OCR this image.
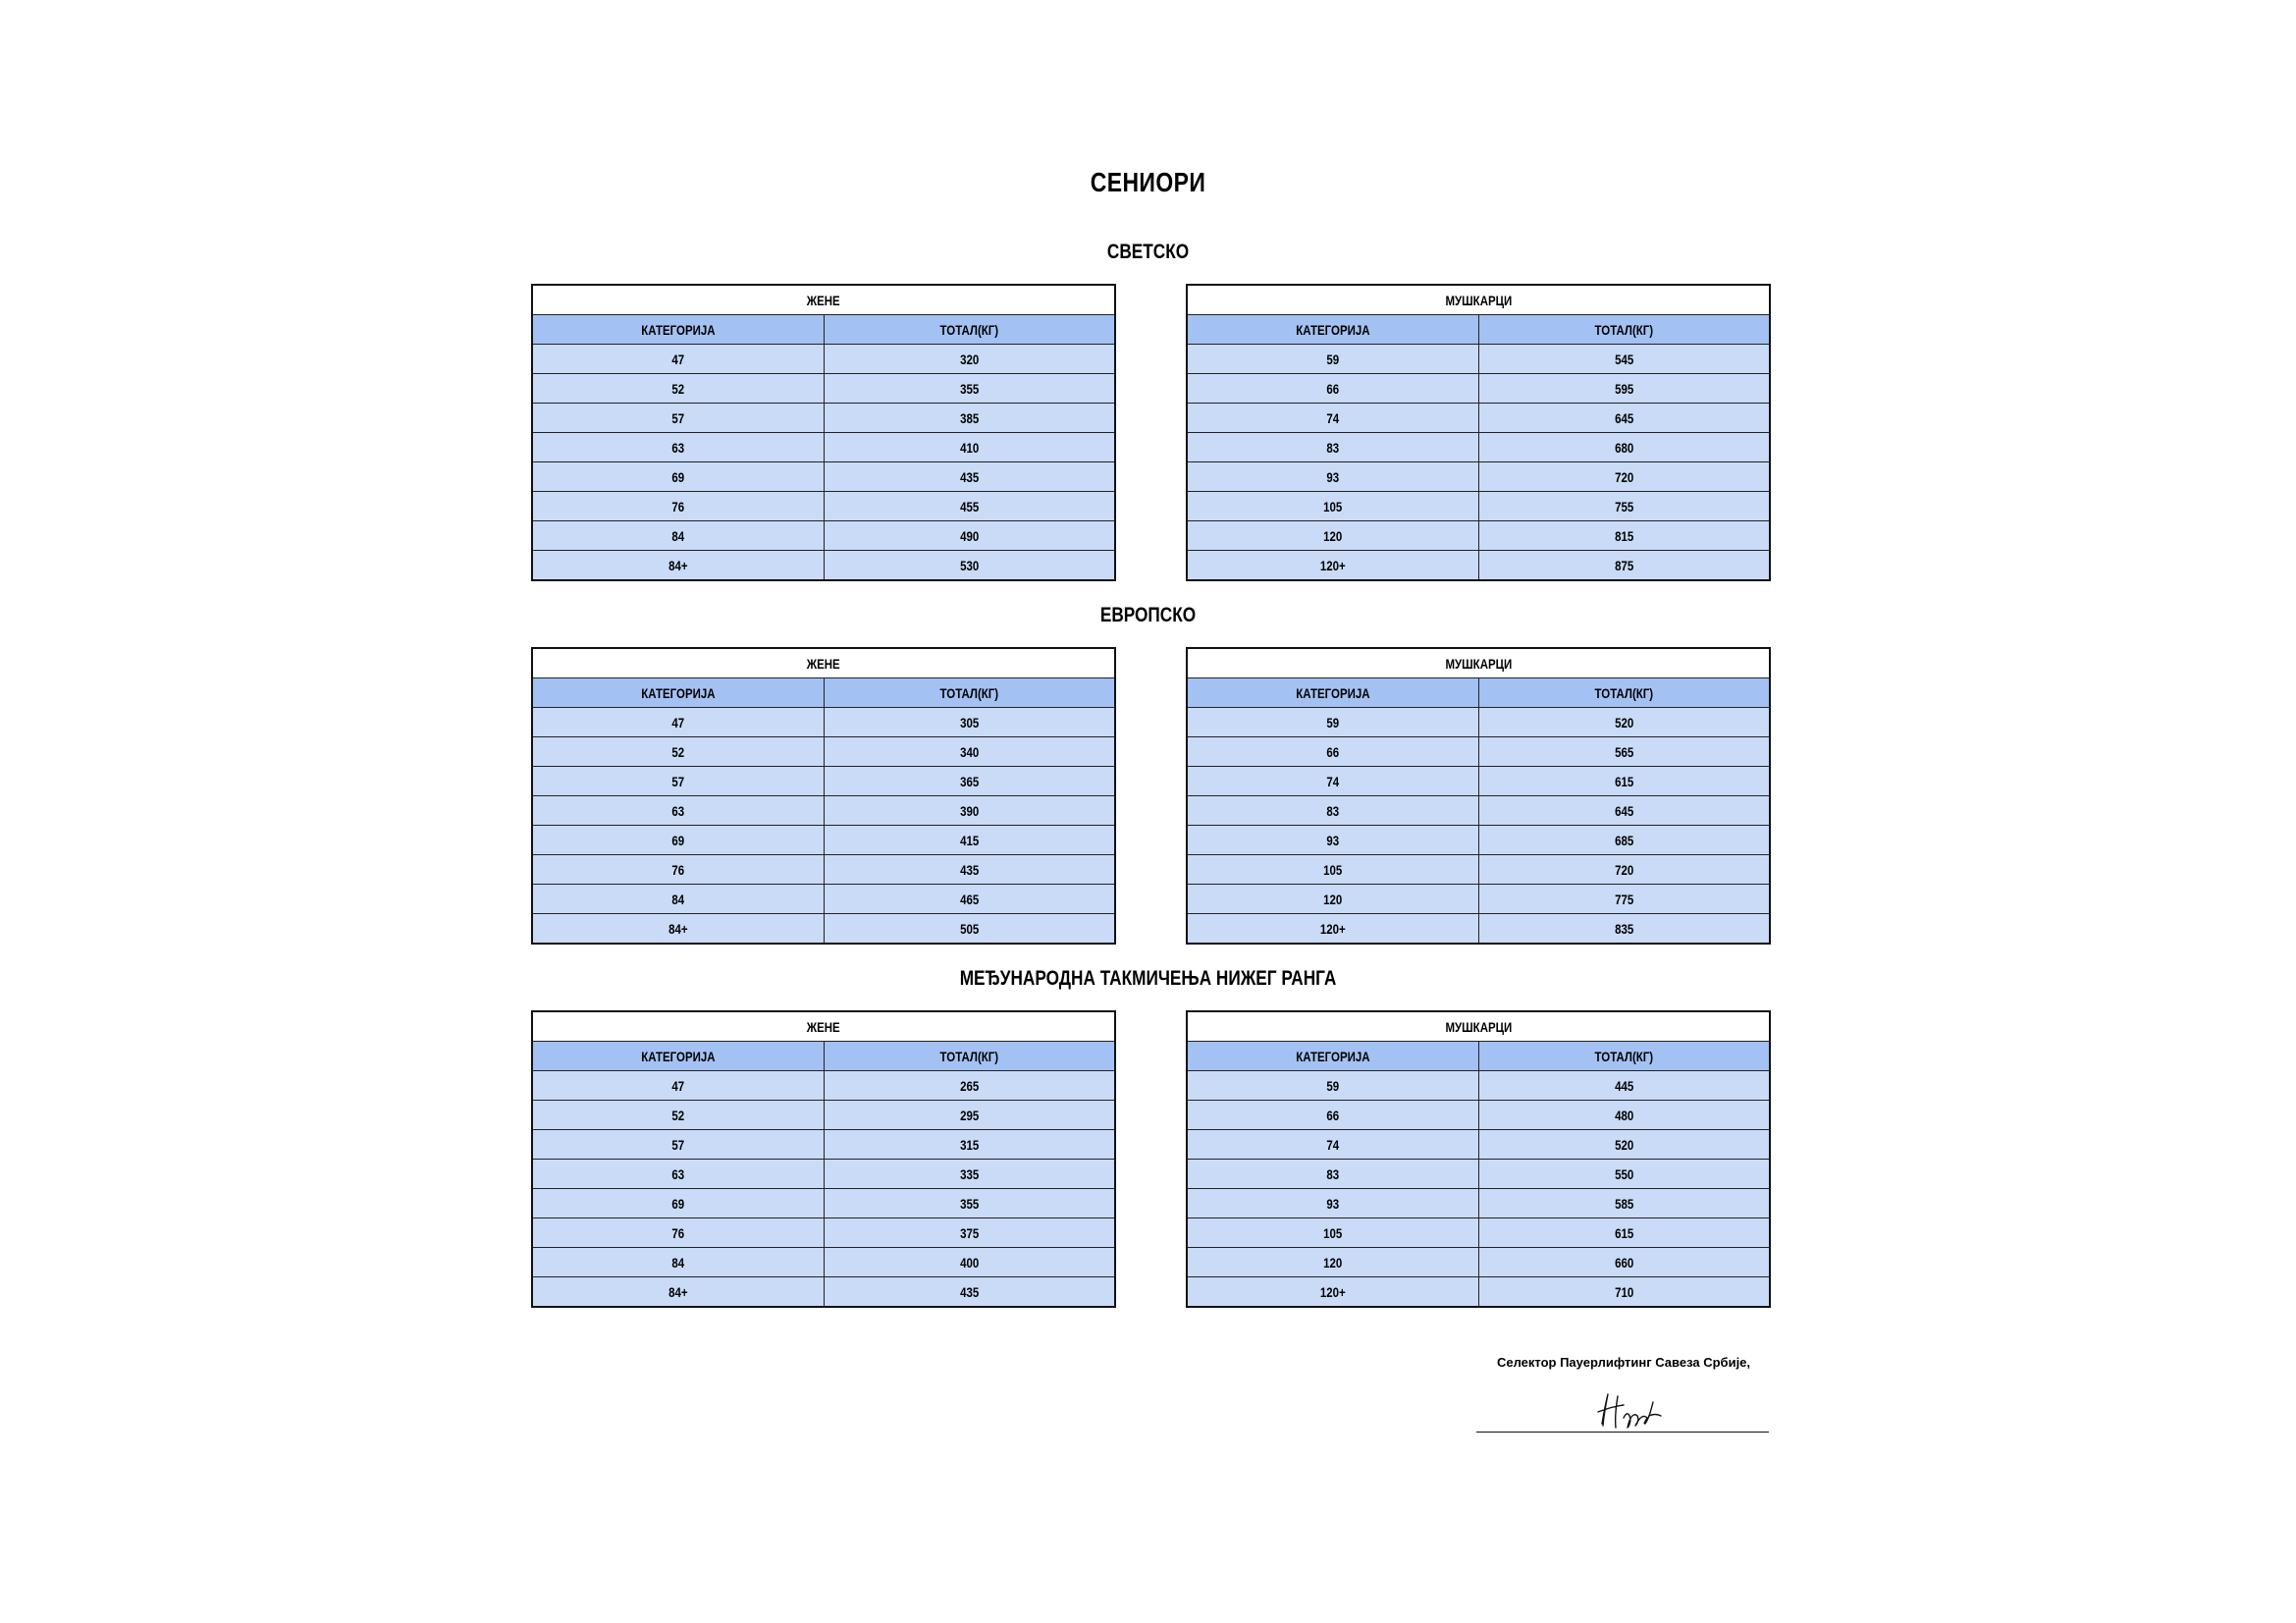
СЕНИОРИ
СВЕТСКО
ЖЕНЕ	
КАТЕГОРИЈА	ТОТАЛ(КГ)
47	320
52	355
57	385
63	410
69	435
76	455
84	490
84+	530
МУШКАРЦИ	
КАТЕГОРИЈА	ТОТАЛ(КГ)
59	545
66	595
74	645
83	680
93	720
105	755
120	815
120+	875
ЕВРОПСКО
ЖЕНЕ	
КАТЕГОРИЈА	ТОТАЛ(КГ)
47	305
52	340
57	365
63	390
69	415
76	435
84	465
84+	505
МУШКАРЦИ	
КАТЕГОРИЈА	ТОТАЛ(КГ)
59	520
66	565
74	615
83	645
93	685
105	720
120	775
120+	835
МЕЂУНАРОДНА ТАКМИЧЕЊА НИЖЕГ РАНГА
ЖЕНЕ	
КАТЕГОРИЈА	ТОТАЛ(КГ)
47	265
52	295
57	315
63	335
69	355
76	375
84	400
84+	435
МУШКАРЦИ	
КАТЕГОРИЈА	ТОТАЛ(КГ)
59	445
66	480
74	520
83	550
93	585
105	615
120	660
120+	710
Селектор Пауерлифтинг Савеза Србије,
